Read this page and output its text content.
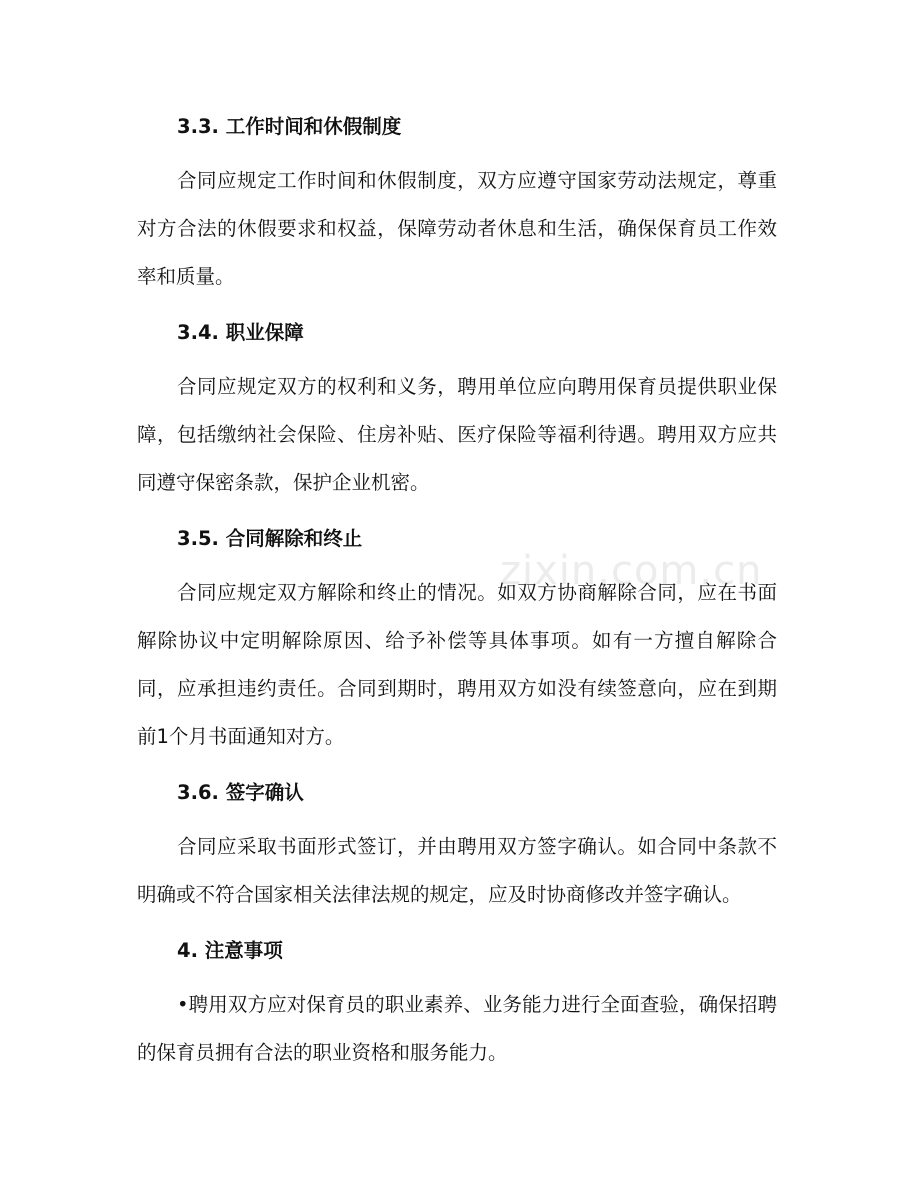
3.3. 工作时间和休假制度
合同应规定工作时间和休假制度，双方应遵守国家劳动法规定，尊重对方合法的休假要求和权益，保障劳动者休息和生活，确保保育员工作效率和质量。
3.4. 职业保障
合同应规定双方的权利和义务，聘用单位应向聘用保育员提供职业保障，包括缴纳社会保险、住房补贴、医疗保险等福利待遇。聘用双方应共同遵守保密条款，保护企业机密。
3.5. 合同解除和终止
合同应规定双方解除和终止的情况。如双方协商解除合同，应在书面解除协议中定明解除原因、给予补偿等具体事项。如有一方擅自解除合同，应承担违约责任。合同到期时，聘用双方如没有续签意向，应在到期前1个月书面通知对方。
3.6. 签字确认
合同应采取书面形式签订，并由聘用双方签字确认。如合同中条款不明确或不符合国家相关法律法规的规定，应及时协商修改并签字确认。
4. 注意事项
•聘用双方应对保育员的职业素养、业务能力进行全面查验，确保招聘的保育员拥有合法的职业资格和服务能力。
zixin.com.cn
